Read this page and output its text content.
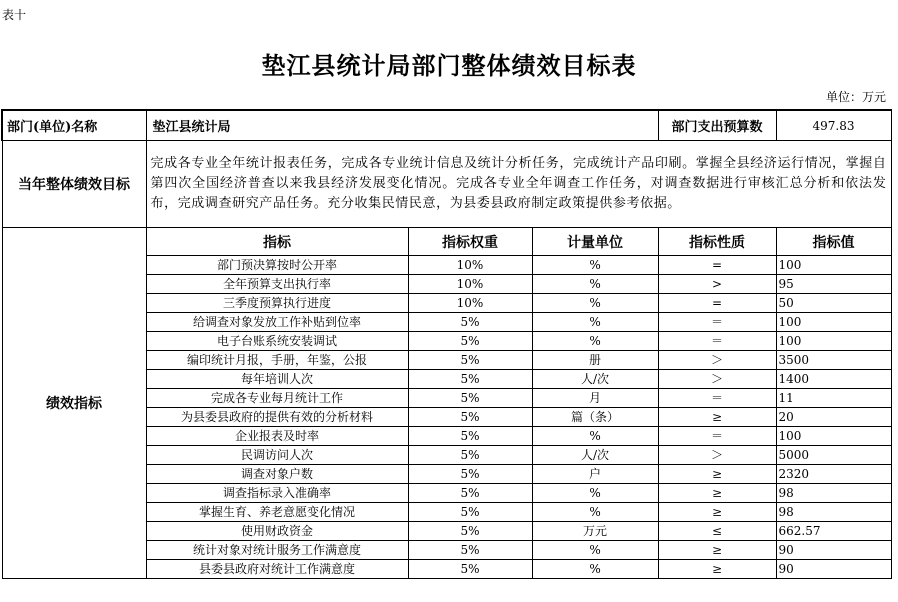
表十
垫江县统计局部门整体绩效目标表
单位：万元
部门(单位)名称	垫江县统计局			部门支出预算数	497.83
当年整体绩效目标	完成各专业全年统计报表任务，完成各专业统计信息及统计分析任务，完成统计产品印刷。掌握全县经济运行情况，掌握自第四次全国经济普查以来我县经济发展变化情况。完成各专业全年调查工作任务，对调查数据进行审核汇总分析和依法发布，完成调查研究产品任务。充分收集民情民意，为县委县政府制定政策提供参考依据。				
绩效指标	指标	指标权重	计量单位	指标性质	指标值
	部门预决算按时公开率	10%	%	=	100
	全年预算支出执行率	10%	%	>	95
	三季度预算执行进度	10%	%	=	50
	给调查对象发放工作补贴到位率	5%	%	＝	100
	电子台账系统安装调试	5%	%	＝	100
	编印统计月报，手册，年鉴，公报	5%	册	＞	3500
	每年培训人次	5%	人/次	＞	1400
	完成各专业每月统计工作	5%	月	＝	11
	为县委县政府的提供有效的分析材料	5%	篇（条）	≥	20
	企业报表及时率	5%	%	＝	100
	民调访问人次	5%	人/次	＞	5000
	调查对象户数	5%	户	≥	2320
	调查指标录入准确率	5%	%	≥	98
	掌握生育、养老意愿变化情况	5%	%	≥	98
	使用财政资金	5%	万元	≤	662.57
	统计对象对统计服务工作满意度	5%	%	≥	90
	县委县政府对统计工作满意度	5%	%	≥	90
